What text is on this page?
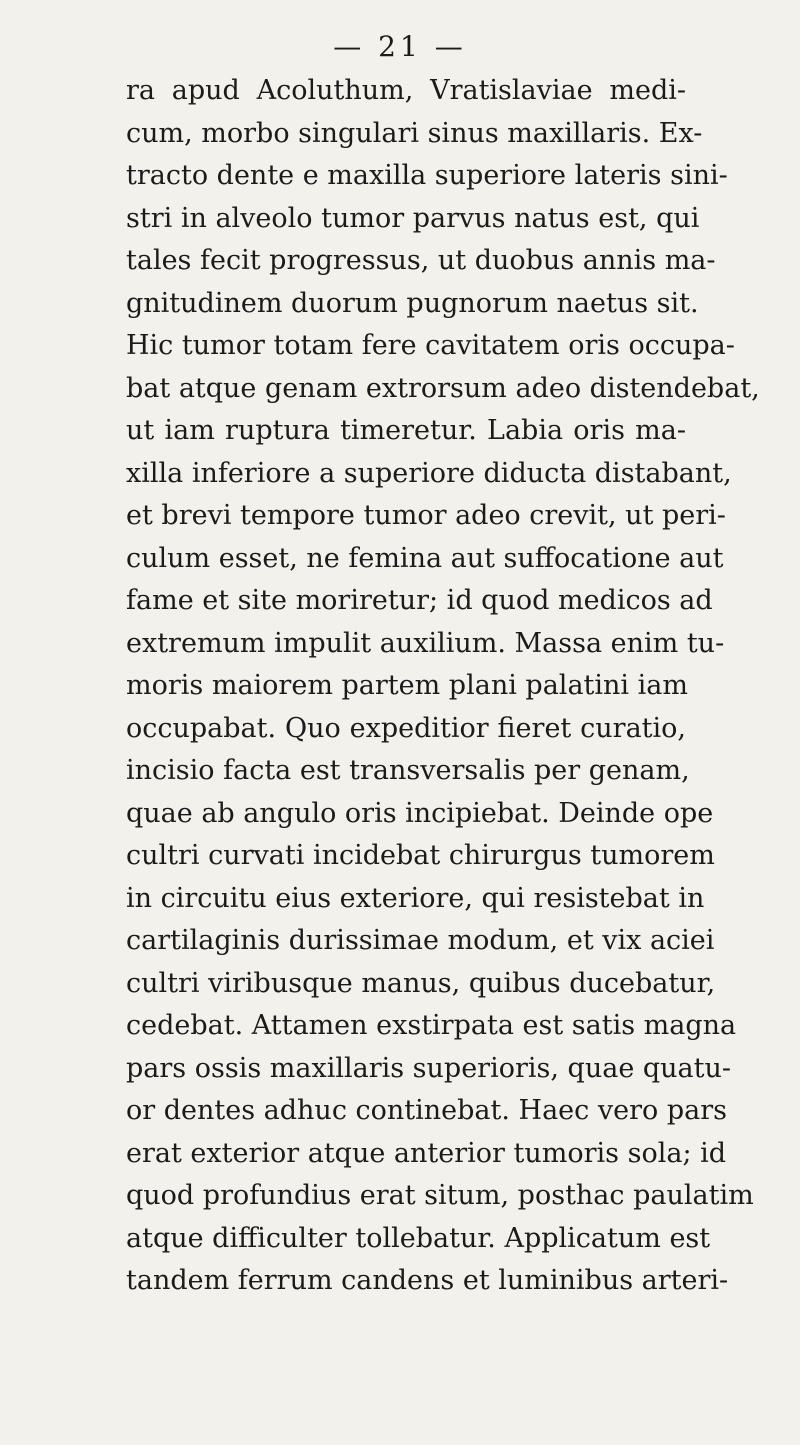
— 21 —
ra apud Acoluthum, Vratislaviae medi-
cum, morbo singulari sinus maxillaris. Ex-
tracto dente e maxilla superiore lateris sini-
stri in alveolo tumor parvus natus est, qui
tales fecit progressus, ut duobus annis ma-
gnitudinem duorum pugnorum naetus sit.
Hic tumor totam fere cavitatem oris occupa-
bat atque genam extrorsum adeo distendebat,
ut iam ruptura timeretur. Labia oris ma-
xilla inferiore a superiore diducta distabant,
et brevi tempore tumor adeo crevit, ut peri-
culum esset, ne femina aut suffocatione aut
fame et site moriretur; id quod medicos ad
extremum impulit auxilium. Massa enim tu-
moris maiorem partem plani palatini iam
occupabat. Quo expeditior fieret curatio,
incisio facta est transversalis per genam,
quae ab angulo oris incipiebat. Deinde ope
cultri curvati incidebat chirurgus tumorem
in circuitu eius exteriore, qui resistebat in
cartilaginis durissimae modum, et vix aciei
cultri viribusque manus, quibus ducebatur,
cedebat. Attamen exstirpata est satis magna
pars ossis maxillaris superioris, quae quatu-
or dentes adhuc continebat. Haec vero pars
erat exterior atque anterior tumoris sola; id
quod profundius erat situm, posthac paulatim
atque difficulter tollebatur. Applicatum est
tandem ferrum candens et luminibus arteri-
